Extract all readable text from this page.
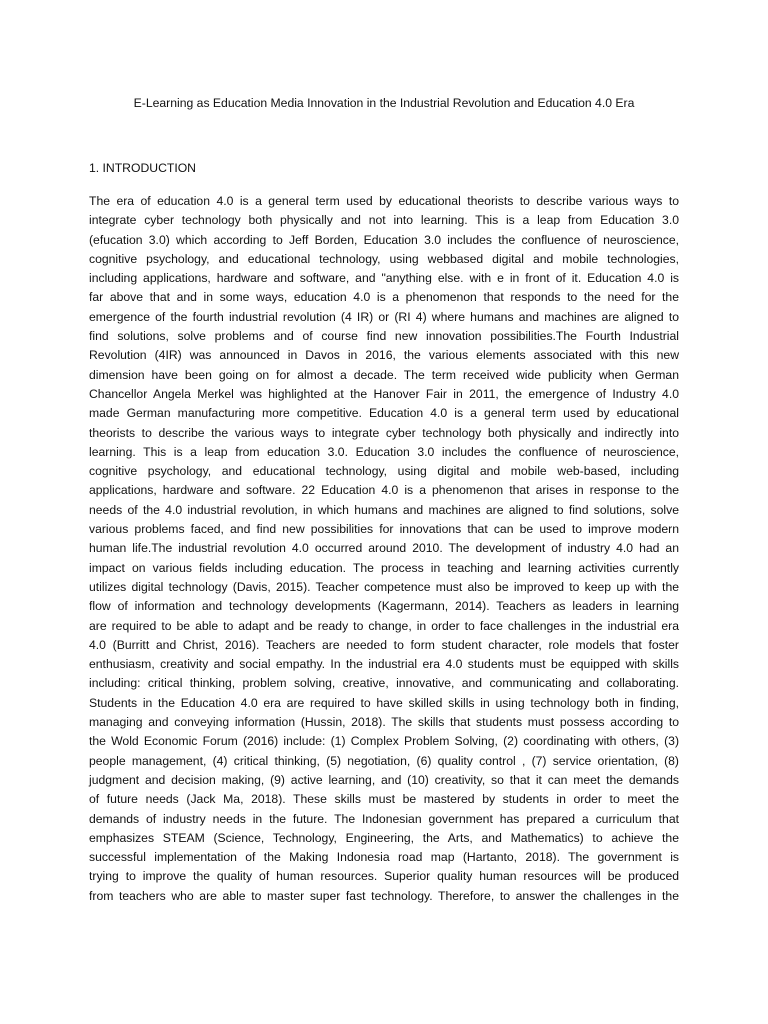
E-Learning as Education Media Innovation in the Industrial Revolution and Education 4.0 Era
1. INTRODUCTION
The era of education 4.0 is a general term used by educational theorists to describe various ways to
integrate cyber technology both physically and not into learning. This is a leap from Education 3.0
(efucation 3.0) which according to Jeff Borden, Education 3.0 includes the confluence of neuroscience,
cognitive psychology, and educational technology, using webbased digital and mobile technologies,
including applications, hardware and software, and "anything else. with e in front of it. Education 4.0 is
far above that and in some ways, education 4.0 is a phenomenon that responds to the need for the
emergence of the fourth industrial revolution (4 IR) or (RI 4) where humans and machines are aligned to
find solutions, solve problems and of course find new innovation possibilities.The Fourth Industrial
Revolution (4IR) was announced in Davos in 2016, the various elements associated with this new
dimension have been going on for almost a decade. The term received wide publicity when German
Chancellor Angela Merkel was highlighted at the Hanover Fair in 2011, the emergence of Industry 4.0
made German manufacturing more competitive. Education 4.0 is a general term used by educational
theorists to describe the various ways to integrate cyber technology both physically and indirectly into
learning. This is a leap from education 3.0. Education 3.0 includes the confluence of neuroscience,
cognitive psychology, and educational technology, using digital and mobile web-based, including
applications, hardware and software. 22 Education 4.0 is a phenomenon that arises in response to the
needs of the 4.0 industrial revolution, in which humans and machines are aligned to find solutions, solve
various problems faced, and find new possibilities for innovations that can be used to improve modern
human life.The industrial revolution 4.0 occurred around 2010. The development of industry 4.0 had an
impact on various fields including education. The process in teaching and learning activities currently
utilizes digital technology (Davis, 2015). Teacher competence must also be improved to keep up with the
flow of information and technology developments (Kagermann, 2014). Teachers as leaders in learning
are required to be able to adapt and be ready to change, in order to face challenges in the industrial era
4.0 (Burritt and Christ, 2016). Teachers are needed to form student character, role models that foster
enthusiasm, creativity and social empathy. In the industrial era 4.0 students must be equipped with skills
including: critical thinking, problem solving, creative, innovative, and communicating and collaborating.
Students in the Education 4.0 era are required to have skilled skills in using technology both in finding,
managing and conveying information (Hussin, 2018). The skills that students must possess according to
the Wold Economic Forum (2016) include: (1) Complex Problem Solving, (2) coordinating with others, (3)
people management, (4) critical thinking, (5) negotiation, (6) quality control , (7) service orientation, (8)
judgment and decision making, (9) active learning, and (10) creativity, so that it can meet the demands
of future needs (Jack Ma, 2018). These skills must be mastered by students in order to meet the
demands of industry needs in the future. The Indonesian government has prepared a curriculum that
emphasizes STEAM (Science, Technology, Engineering, the Arts, and Mathematics) to achieve the
successful implementation of the Making Indonesia road map (Hartanto, 2018). The government is
trying to improve the quality of human resources. Superior quality human resources will be produced
from teachers who are able to master super fast technology. Therefore, to answer the challenges in the
